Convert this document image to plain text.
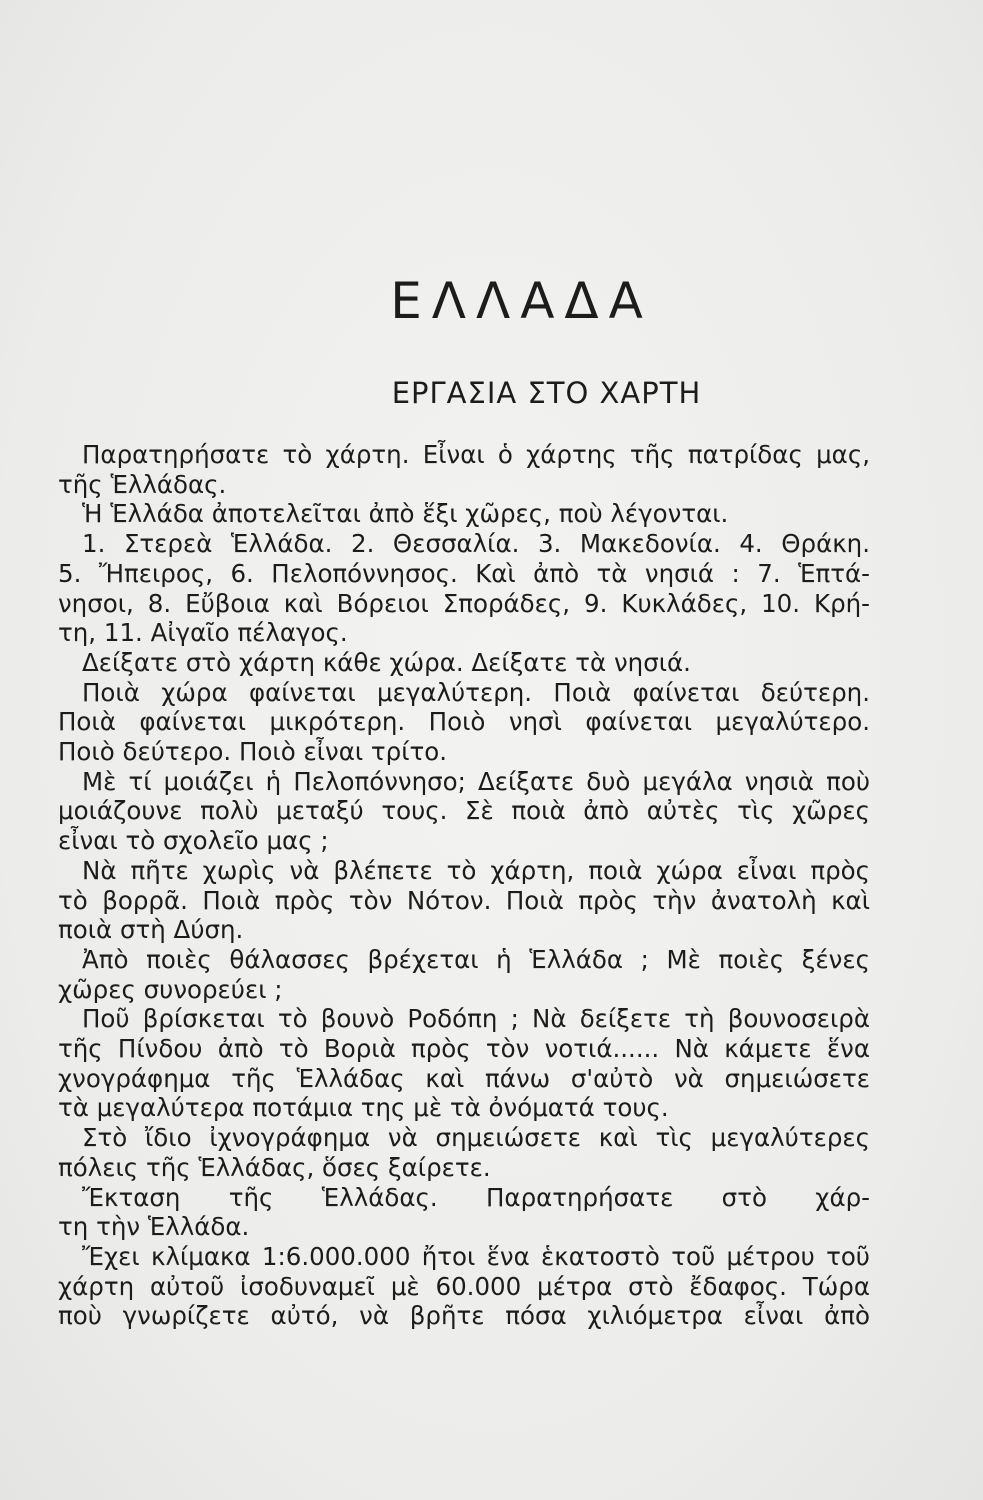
ΕΛΛΑΔΑ
ΕΡΓΑΣΙΑ ΣΤΟ ΧΑΡΤΗ
Παρατηρήσατε τὸ χάρτη. Εἶναι ὁ χάρτης τῆς πατρίδας μας,
τῆς Ἑλλάδας.
Ἡ Ἑλλάδα ἀποτελεῖται ἀπὸ ἕξι χῶρες, ποὺ λέγονται.
1. Στερεὰ Ἑλλάδα. 2. Θεσσαλία. 3. Μακεδονία. 4. Θράκη.
5. Ἤπειρος, 6. Πελοπόννησος. Καὶ ἀπὸ τὰ νησιά : 7. Ἑπτά-
νησοι, 8. Εὔβοια καὶ Βόρειοι Σποράδες, 9. Κυκλάδες, 10. Κρή-
τη, 11. Αἰγαῖο πέλαγος.
Δείξατε στὸ χάρτη κάθε χώρα. Δείξατε τὰ νησιά.
Ποιὰ χώρα φαίνεται μεγαλύτερη. Ποιὰ φαίνεται δεύτερη.
Ποιὰ φαίνεται μικρότερη. Ποιὸ νησὶ φαίνεται μεγαλύτερο.
Ποιὸ δεύτερο. Ποιὸ εἶναι τρίτο.
Μὲ τί μοιάζει ἡ Πελοπόννησο; Δείξατε δυὸ μεγάλα νησιὰ ποὺ
μοιάζουνε πολὺ μεταξύ τους. Σὲ ποιὰ ἀπὸ αὐτὲς τὶς χῶρες
εἶναι τὸ σχολεῖο μας ;
Νὰ πῆτε χωρὶς νὰ βλέπετε τὸ χάρτη, ποιὰ χώρα εἶναι πρὸς
τὸ βορρᾶ. Ποιὰ πρὸς τὸν Νότον. Ποιὰ πρὸς τὴν ἀνατολὴ καὶ
ποιὰ στὴ Δύση.
Ἀπὸ ποιὲς θάλασσες βρέχεται ἡ Ἑλλάδα ; Μὲ ποιὲς ξένες
χῶρες συνορεύει ;
Ποῦ βρίσκεται τὸ βουνὸ Ροδόπη ; Νὰ δείξετε τὴ βουνοσειρὰ
τῆς Πίνδου ἀπὸ τὸ Βοριὰ πρὸς τὸν νοτιά...... Νὰ κάμετε ἕνα
χνογράφημα τῆς Ἑλλάδας καὶ πάνω σ'αὐτὸ νὰ σημειώσετε
τὰ μεγαλύτερα ποτάμια της μὲ τὰ ὀνόματά τους.
Στὸ ἴδιο ἰχνογράφημα νὰ σημειώσετε καὶ τὶς μεγαλύτερες
πόλεις τῆς Ἑλλάδας, ὅσες ξαίρετε.
Ἔκταση τῆς Ἑλλάδας. Παρατηρήσατε στὸ χάρ-
τη τὴν Ἑλλάδα.
Ἔχει κλίμακα 1:6.000.000 ἤτοι ἕνα ἑκατοστὸ τοῦ μέτρου τοῦ
χάρτη αὐτοῦ ἰσοδυναμεῖ μὲ 60.000 μέτρα στὸ ἔδαφος. Τώρα
ποὺ γνωρίζετε αὐτό, νὰ βρῆτε πόσα χιλιόμετρα εἶναι ἀπὸ
